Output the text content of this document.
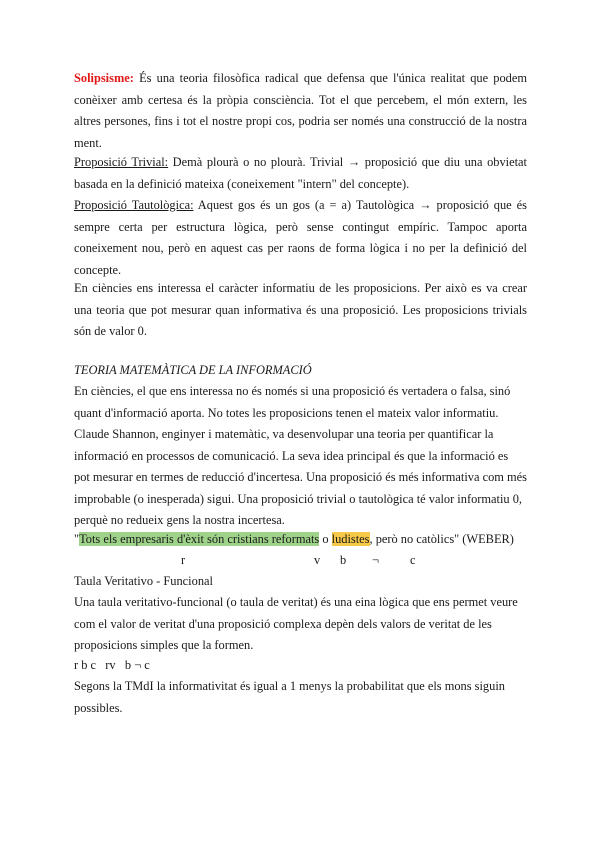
Solipsisme: És una teoria filosòfica radical que defensa que l'única realitat que podem conèixer amb certesa és la pròpia consciència. Tot el que percebem, el món extern, les altres persones, fins i tot el nostre propi cos, podria ser només una construcció de la nostra ment.
Proposició Trivial: Demà plourà o no plourà. Trivial → proposició que diu una obvietat basada en la definició mateixa (coneixement "intern" del concepte).
Proposició Tautològica: Aquest gos és un gos (a = a) Tautològica → proposició que és sempre certa per estructura lògica, però sense contingut empíric. Tampoc aporta coneixement nou, però en aquest cas per raons de forma lògica i no per la definició del concepte.
En ciències ens interessa el caràcter informatiu de les proposicions. Per això es va crear una teoria que pot mesurar quan informativa és una proposició. Les proposicions trivials són de valor 0.
TEORIA MATEMÀTICA DE LA INFORMACIÓ
En ciències, el que ens interessa no és només si una proposició és vertadera o falsa, sinó quant d'informació aporta. No totes les proposicions tenen el mateix valor informatiu. Claude Shannon, enginyer i matemàtic, va desenvolupar una teoria per quantificar la informació en processos de comunicació. La seva idea principal és que la informació es pot mesurar en termes de reducció d'incertesa. Una proposició és més informativa com més improbable (o inesperada) sigui. Una proposició trivial o tautològica té valor informatiu 0, perquè no redueix gens la nostra incertesa.
"Tots els empresaris d'èxit són cristians reformats o ludistes, però no catòlics" (WEBER)
r	v b ¬	c
Taula Veritativo - Funcional
Una taula veritativo-funcional (o taula de veritat) és una eina lògica que ens permet veure com el valor de veritat d'una proposició complexa depèn dels valors de veritat de les proposicions simples que la formen.
r b c   rv   b ¬ c
Segons la TMdI la informativitat és igual a 1 menys la probabilitat que els mons siguin possibles.
